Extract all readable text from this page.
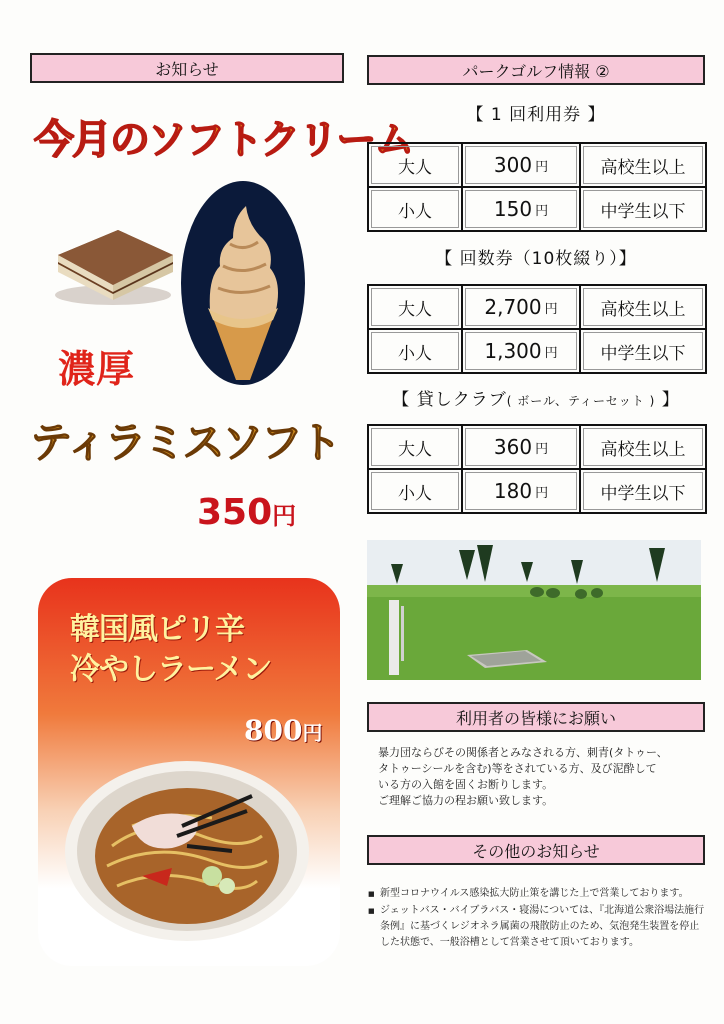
お知らせ
今月のソフトクリーム
濃厚
ティラミスソフト
350円
韓国風ピリ辛
冷やしラーメン
800円
パークゴルフ情報 ②
【 1 回利用券 】
大人	300 円	高校生以上

小人	150 円	中学生以下
【 回数券（10枚綴り）】
大人	2,700 円	高校生以上

小人	1,300 円	中学生以下
【 貸しクラブ( ボール、ティーセット ) 】
大人	360 円	高校生以上

小人	180 円	中学生以下
利用者の皆様にお願い
暴力団ならびその関係者とみなされる方、刺青(タトゥー、
タトゥーシールを含む)等をされている方、及び泥酔して
いる方の入館を固くお断りします。
ご理解ご協力の程お願い致します。
その他のお知らせ
■ 新型コロナウイルス感染拡大防止策を講じた上で営業しております。
■ ジェットバス・バイブラバス・寝湯については、『北海道公衆浴場法施行条例』に基づくレジオネラ属菌の飛散防止のため、気泡発生装置を停止した状態で、一般浴槽として営業させて頂いております。
